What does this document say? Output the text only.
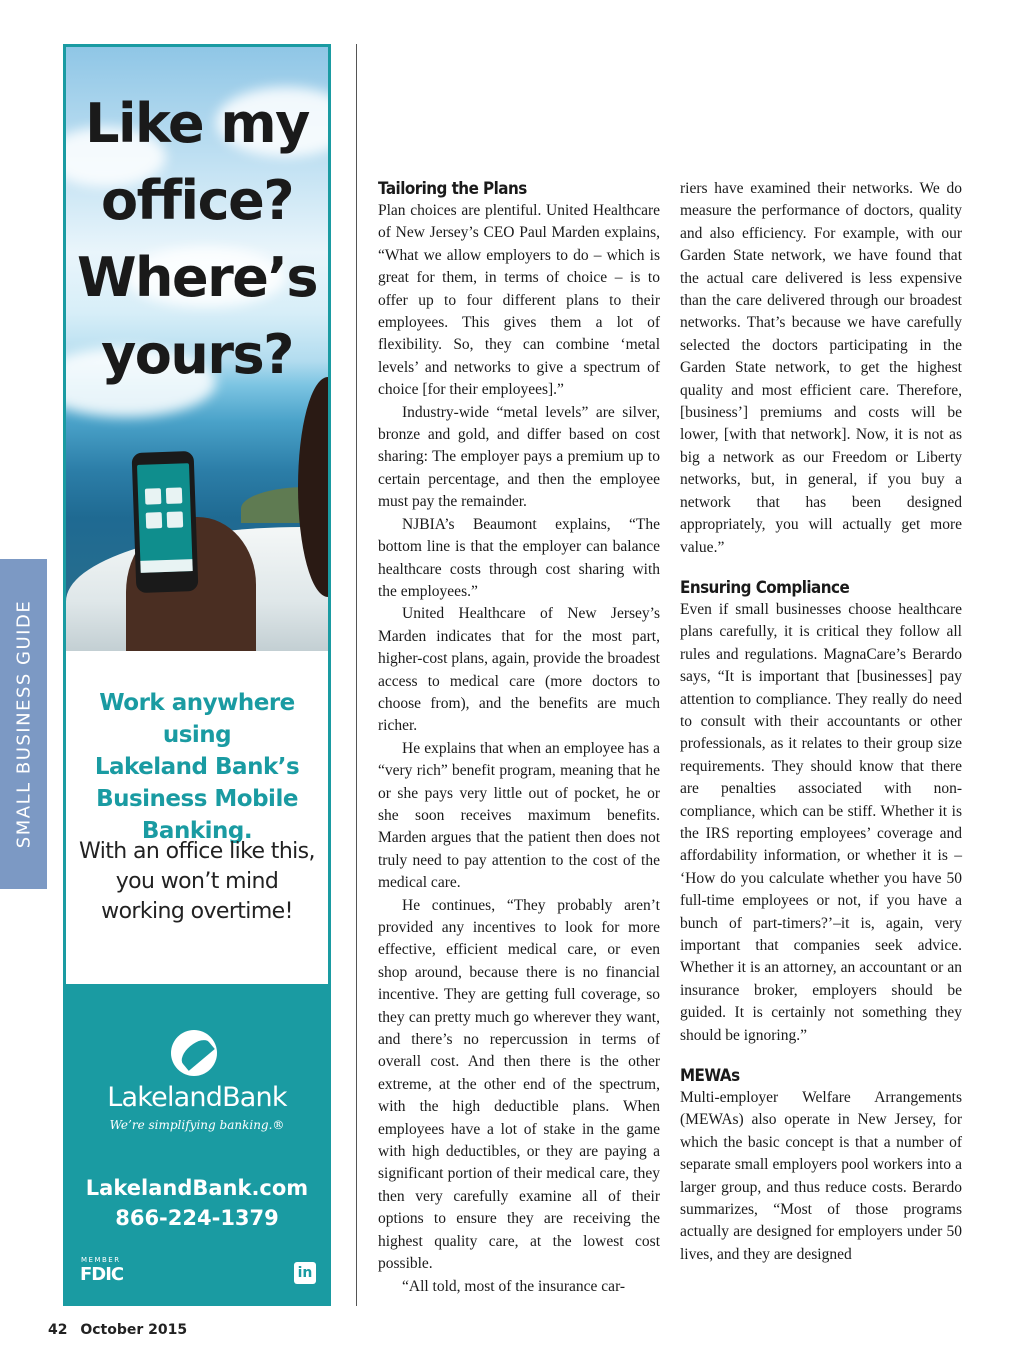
SMALL BUSINESS GUIDE
Like my
office?
Where’s
yours?
Work anywhere using
Lakeland Bank’s
Business Mobile
Banking.
With an office like this,
you won’t mind
working overtime!
LakelandBank
We’re simplifying banking.®
LakelandBank.com
866-224-1379
MEMBER
FDIC	in
Tailoring the Plans

Plan choices are plentiful. United Healthcare of New Jersey’s CEO Paul Marden explains, “What we allow employers to do – which is great for them, in terms of choice – is to offer up to four different plans to their employees. This gives them a lot of flexibility. So, they can combine ‘metal levels’ and networks to give a spectrum of choice [for their employees].”

Industry-wide “metal levels” are silver, bronze and gold, and differ based on cost sharing: The employer pays a premium up to certain percentage, and then the employee must pay the remainder.

NJBIA’s Beaumont explains, “The bottom line is that the employer can balance healthcare costs through cost sharing with the employees.”

United Healthcare of New Jersey’s Marden indicates that for the most part, higher-cost plans, again, provide the broadest access to medical care (more doctors to choose from), and the benefits are much richer.

He explains that when an employee has a “very rich” benefit program, meaning that he or she pays very little out of pocket, he or she soon receives maximum benefits. Marden argues that the patient then does not truly need to pay attention to the cost of the medical care.

He continues, “They probably aren’t provided any incentives to look for more effective, efficient medical care, or even shop around, because there is no financial incentive. They are getting full coverage, so they can pretty much go wherever they want, and there’s no repercussion in terms of overall cost. And then there is the other extreme, at the other end of the spectrum, with the high deductible plans. When employees have a lot of stake in the game with high deductibles, or they are paying a significant portion of their medical care, they then very carefully examine all of their options to ensure they are receiving the highest quality care, at the lowest cost possible.

“All told, most of the insurance car-

riers have examined their networks. We do measure the performance of doctors, quality and also efficiency. For example, with our Garden State network, we have found that the actual care delivered is less expensive than the care delivered through our broadest networks. That’s because we have carefully selected the doctors participating in the Garden State network, to get the highest quality and most efficient care. Therefore, [business’] premiums and costs will be lower, [with that network]. Now, it is not as big a network as our Freedom or Liberty networks, but, in general, if you buy a network that has been designed appropriately, you will actually get more value.”

Ensuring Compliance

Even if small businesses choose healthcare plans carefully, it is critical they follow all rules and regulations. MagnaCare’s Berardo says, “It is important that [businesses] pay attention to compliance. They really do need to consult with their accountants or other professionals, as it relates to their group size requirements. They should know that there are penalties associated with non-compliance, which can be stiff. Whether it is the IRS reporting employees’ coverage and affordability information, or whether it is – ‘How do you calculate whether you have 50 full-time employees or not, if you have a bunch of part-timers?’–it is, again, very important that companies seek advice. Whether it is an attorney, an accountant or an insurance broker, employers should be guided. It is certainly not something they should be ignoring.”

MEWAs

Multi-employer Welfare Arrangements (MEWAs) also operate in New Jersey, for which the basic concept is that a number of separate small employers pool workers into a larger group, and thus reduce costs. Berardo summarizes, “Most of those programs actually are designed for employers under 50 lives, and they are designed

42 October 2015
